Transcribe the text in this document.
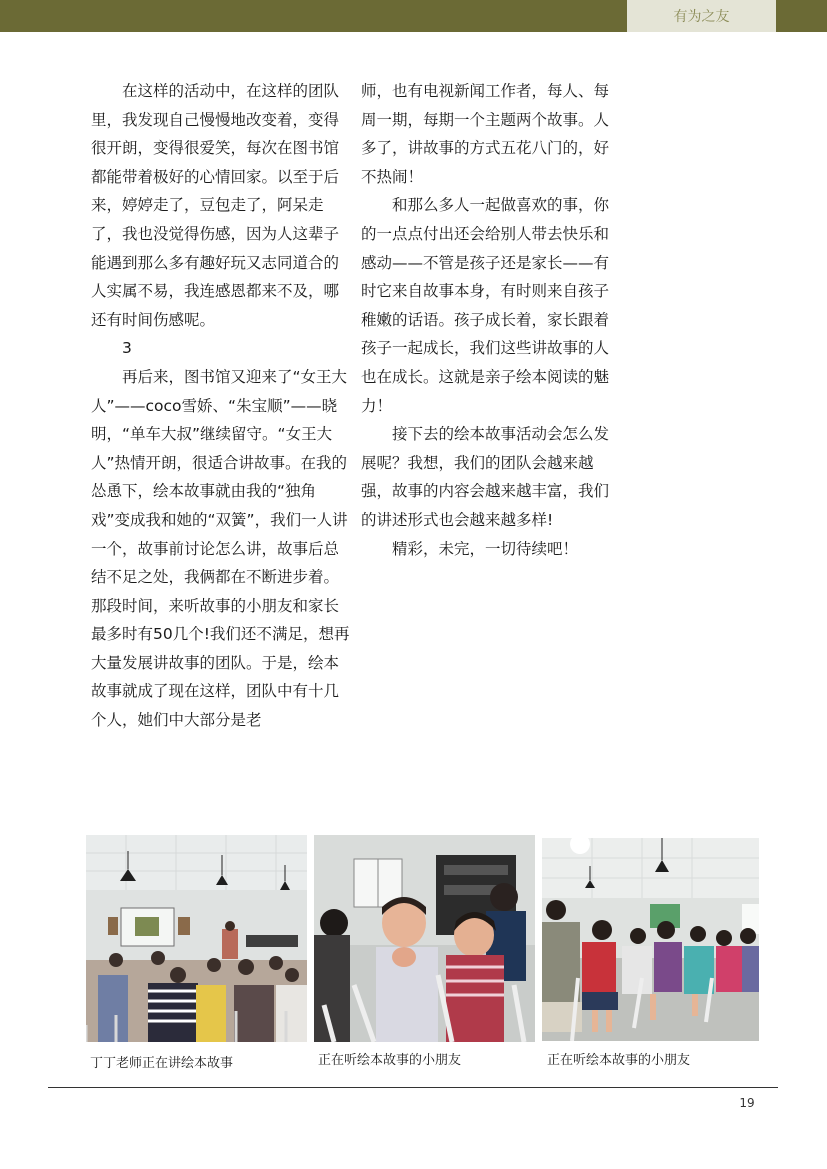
有为之友

在这样的活动中，在这样的团队里，我发现自己慢慢地改变着，变得很开朗，变得很爱笑，每次在图书馆都能带着极好的心情回家。以至于后来，婷婷走了，豆包走了，阿呆走了，我也没觉得伤感，因为人这辈子能遇到那么多有趣好玩又志同道合的人实属不易，我连感恩都来不及，哪还有时间伤感呢。

3

再后来，图书馆又迎来了“女王大人”——coco雪娇、“朱宝顺”——晓明，“单车大叔”继续留守。“女王大人”热情开朗，很适合讲故事。在我的怂恿下，绘本故事就由我的“独角戏”变成我和她的“双簧”，我们一人讲一个，故事前讨论怎么讲，故事后总结不足之处，我俩都在不断进步着。那段时间，来听故事的小朋友和家长最多时有50几个!我们还不满足，想再大量发展讲故事的团队。于是，绘本故事就成了现在这样，团队中有十几个人，她们中大部分是老

师，也有电视新闻工作者，每人、每周一期，每期一个主题两个故事。人多了，讲故事的方式五花八门的，好不热闹！

和那么多人一起做喜欢的事，你的一点点付出还会给别人带去快乐和感动——不管是孩子还是家长——有时它来自故事本身，有时则来自孩子稚嫩的话语。孩子成长着，家长跟着孩子一起成长，我们这些讲故事的人也在成长。这就是亲子绘本阅读的魅力！

接下去的绘本故事活动会怎么发展呢？我想，我们的团队会越来越强，故事的内容会越来越丰富，我们的讲述形式也会越来越多样!

精彩，未完，一切待续吧！

丁丁老师正在讲绘本故事	正在听绘本故事的小朋友	正在听绘本故事的小朋友
19
